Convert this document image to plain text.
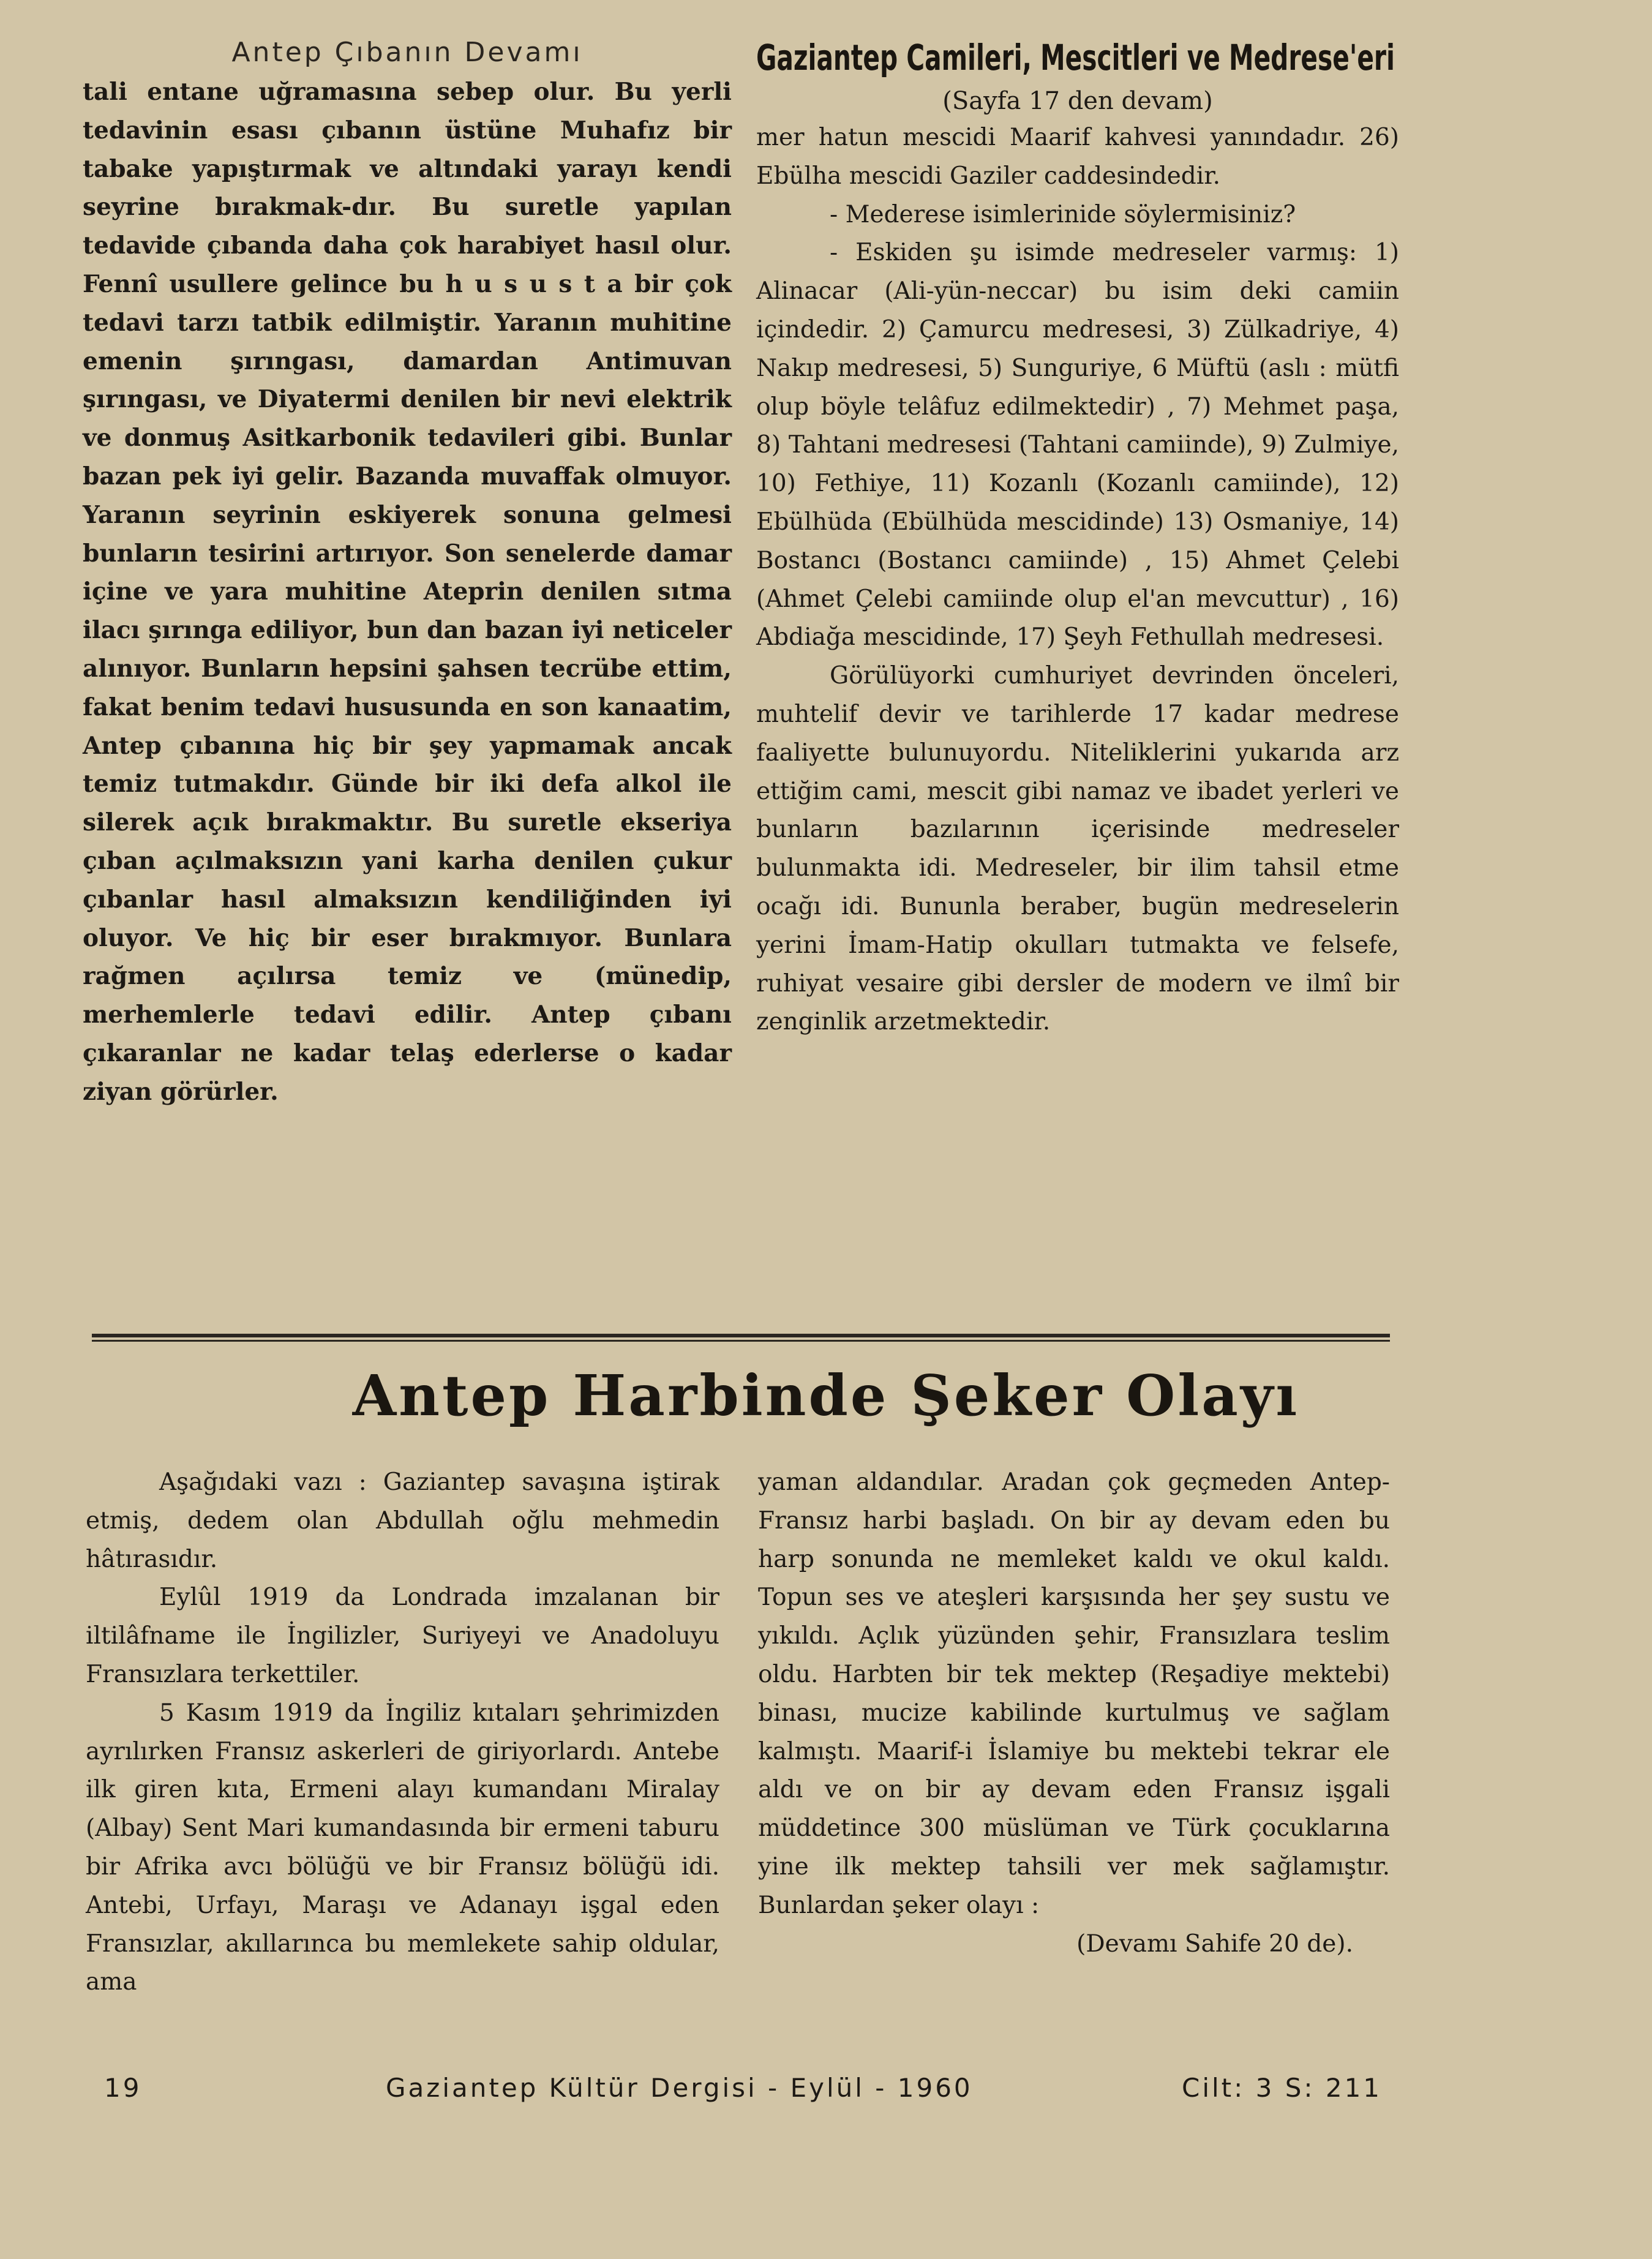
Antep Çıbanın Devamı

tali entane uğramasına sebep olur. Bu yerli tedavinin esası çıbanın üstüne Muhafız bir tabake yapıştırmak ve altındaki yarayı kendi seyrine bırakmak-dır. Bu suretle yapılan tedavide çıbanda daha çok harabiyet hasıl olur. Fennî usullere gelince bu h u s u s t a bir çok tedavi tarzı tatbik edilmiştir. Yaranın muhitine emenin şırıngası, damardan Antimuvan şırıngası, ve Diyatermi denilen bir nevi elektrik ve donmuş Asitkarbonik tedavileri gibi. Bunlar bazan pek iyi gelir. Bazanda muvaffak olmuyor. Yaranın seyrinin eskiyerek sonuna gelmesi bunların tesirini artırıyor. Son senelerde damar içine ve yara muhitine Ateprin denilen sıtma ilacı şırınga ediliyor, bun dan bazan iyi neticeler alınıyor. Bunların hepsini şahsen tecrübe ettim, fakat benim tedavi hususunda en son kanaatim, Antep çıbanına hiç bir şey yapmamak ancak temiz tutmakdır. Günde bir iki defa alkol ile silerek açık bırakmaktır. Bu suretle ekseriya çıban açılmaksızın yani karha denilen çukur çıbanlar hasıl almaksızın kendiliğinden iyi oluyor. Ve hiç bir eser bırakmıyor. Bunlara rağmen açılırsa temiz ve (münedip, merhemlerle tedavi edilir. Antep çıbanı çıkaranlar ne kadar telaş ederlerse o kadar ziyan görürler.

Gaziantep Camileri, Mescitleri ve Medrese'eri
(Sayfa 17 den devam)

mer hatun mescidi Maarif kahvesi yanındadır. 26) Ebülha mescidi Gaziler caddesindedir.

- Mederese isimlerinide söylermisiniz?

- Eskiden şu isimde medreseler varmış: 1) Alinacar (Ali-yün-neccar) bu isim deki camiin içindedir. 2) Çamurcu medresesi, 3) Zülkadriye, 4) Nakıp medresesi, 5) Sunguriye, 6 Müftü (aslı : mütfi olup böyle telâfuz edilmektedir) , 7) Mehmet paşa, 8) Tahtani medresesi (Tahtani camiinde), 9) Zulmiye, 10) Fethiye, 11) Kozanlı (Kozanlı camiinde), 12) Ebülhüda (Ebülhüda mescidinde) 13) Osmaniye, 14) Bostancı (Bostancı camiinde) , 15) Ahmet Çelebi (Ahmet Çelebi camiinde olup el'an mevcuttur) , 16) Abdiağa mescidinde, 17) Şeyh Fethullah medresesi.

Görülüyorki cumhuriyet devrinden önceleri, muhtelif devir ve tarihlerde 17 kadar medrese faaliyette bulunuyordu. Niteliklerini yukarıda arz ettiğim cami, mescit gibi namaz ve ibadet yerleri ve bunların bazılarının içerisinde medreseler bulunmakta idi. Medreseler, bir ilim tahsil etme ocağı idi. Bununla beraber, bugün medreselerin yerini İmam-Hatip okulları tutmakta ve felsefe, ruhiyat vesaire gibi dersler de modern ve ilmî bir zenginlik arzetmektedir.

Antep Harbinde Şeker Olayı

Aşağıdaki vazı : Gaziantep savaşına iştirak etmiş, dedem olan Abdullah oğlu mehmedin hâtırasıdır.

Eylûl 1919 da Londrada imzalanan bir iltilâfname ile İngilizler, Suriyeyi ve Anadoluyu Fransızlara terkettiler.

5 Kasım 1919 da İngiliz kıtaları şehrimizden ayrılırken Fransız askerleri de giriyorlardı. Antebe ilk giren kıta, Ermeni alayı kumandanı Miralay (Albay) Sent Mari kumandasında bir ermeni taburu bir Afrika avcı bölüğü ve bir Fransız bölüğü idi. Antebi, Urfayı, Maraşı ve Adanayı işgal eden Fransızlar, akıllarınca bu memlekete sahip oldular, ama

yaman aldandılar. Aradan çok geçmeden Antep-Fransız harbi başladı. On bir ay devam eden bu harp sonunda ne memleket kaldı ve okul kaldı. Topun ses ve ateşleri karşısında her şey sustu ve yıkıldı. Açlık yüzünden şehir, Fransızlara teslim oldu. Harbten bir tek mektep (Reşadiye mektebi) binası, mucize kabilinde kurtulmuş ve sağlam kalmıştı. Maarif-i İslamiye bu mektebi tekrar ele aldı ve on bir ay devam eden Fransız işgali müddetince 300 müslüman ve Türk çocuklarına yine ilk mektep tahsili ver mek sağlamıştır. Bunlardan şeker olayı :

(Devamı Sahife 20 de).

19	Gaziantep Kültür Dergisi - Eylül - 1960	Cilt: 3 S: 211
